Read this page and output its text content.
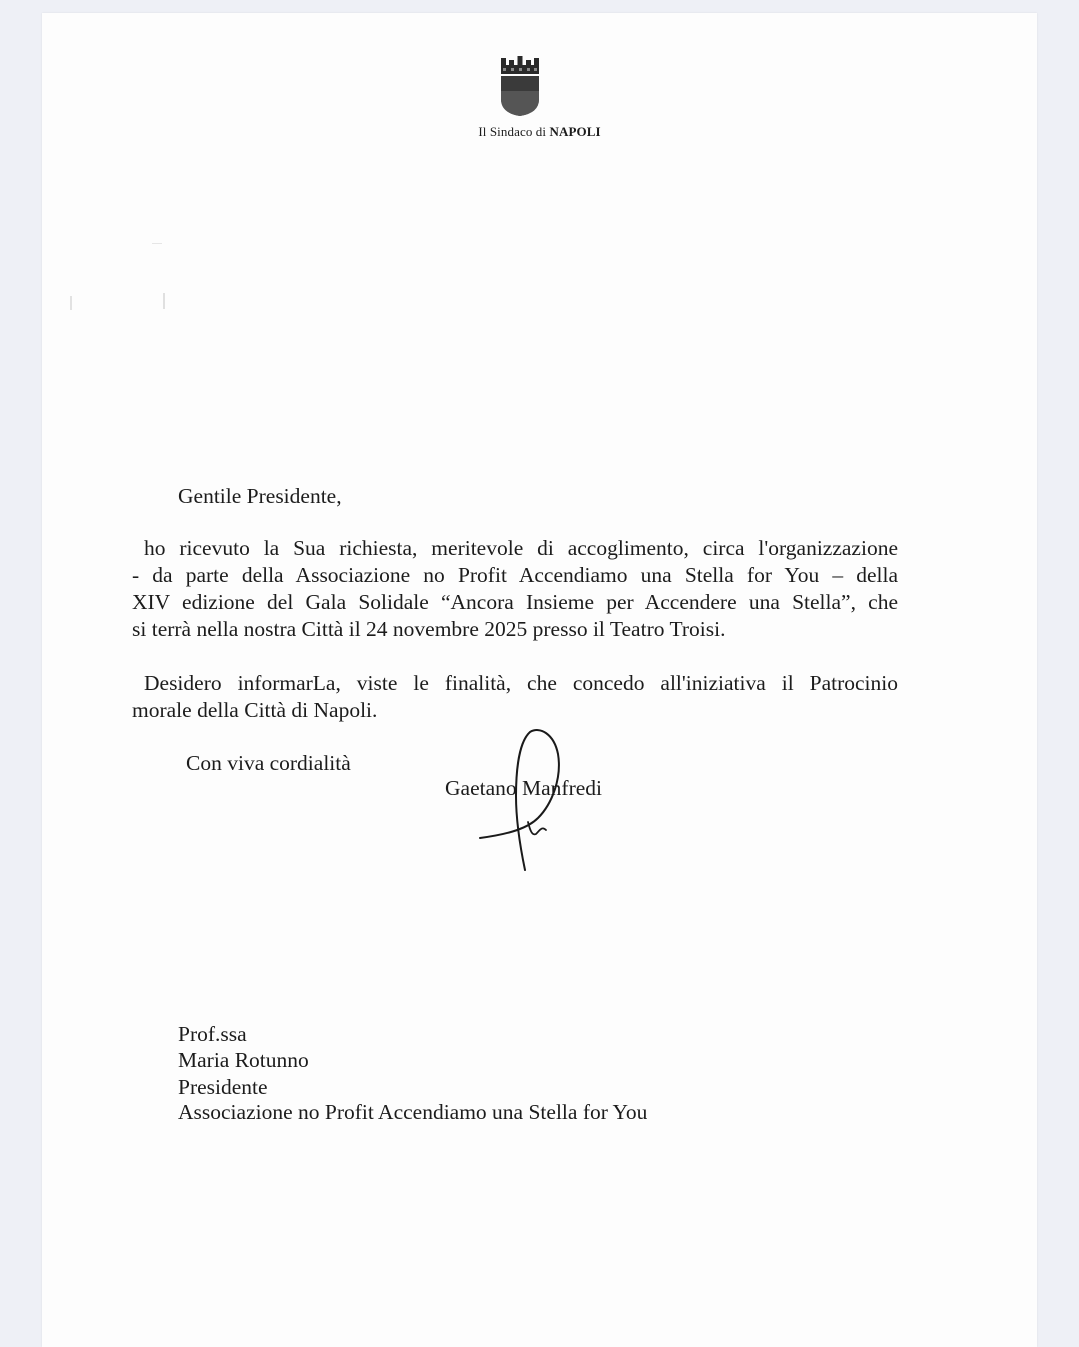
Il Sindaco di NAPOLI
Gentile Presidente,
ho ricevuto la Sua richiesta, meritevole di accoglimento, circa l'organizzazione
- da parte della Associazione no Profit Accendiamo una Stella for You – della
XIV edizione del Gala Solidale “Ancora Insieme per Accendere una Stella”, che
si terrà nella nostra Città il 24 novembre 2025 presso il Teatro Troisi.
Desidero informarLa, viste le finalità, che concedo all'iniziativa il Patrocinio
morale della Città di Napoli.
Con viva cordialità
Gaetano Manfredi
Prof.ssa
Maria Rotunno
Presidente
Associazione no Profit Accendiamo una Stella for You
